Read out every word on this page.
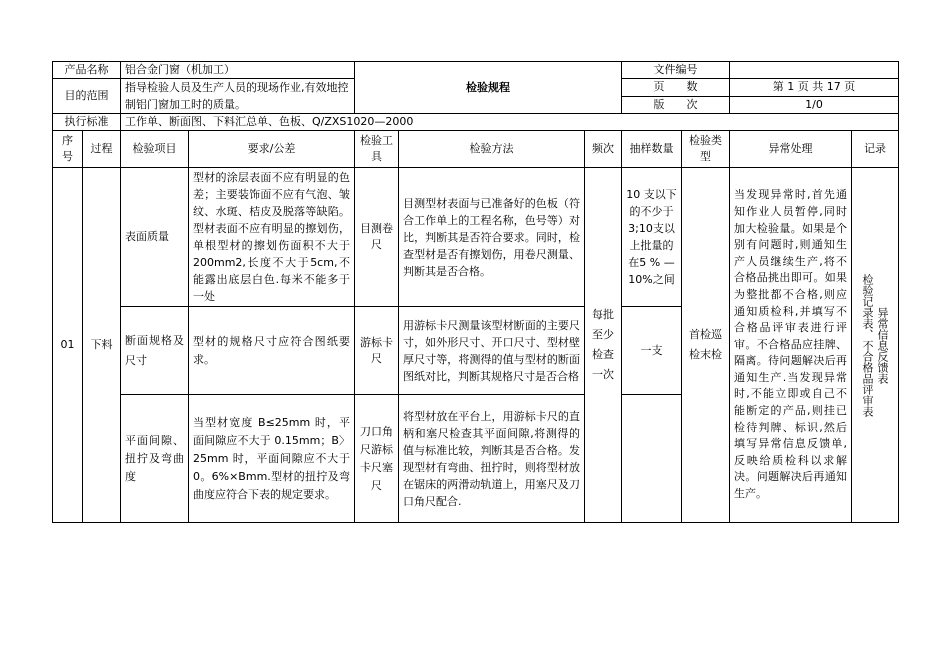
产品名称		铝合金门窗（机加工）		检验规程			文件编号			
目的范围		指导检验人员及生产人员的现场作业,有效地控制铝门窗加工时的质量。					页　　数		第 1 页 共 17 页	
							版　　次		1/0	
执行标准		工作单、断面图、下料汇总单、色板、Q/ZXS1020—2000								
序号	过程	检验项目	要求/公差	检验工具	检验方法	频次	抽样数量	检验类型	异常处理	记录
01	下料	表面质量	型材的涂层表面不应有明显的色差；主要装饰面不应有气泡、皱纹、水斑、桔皮及脱落等缺陷。型材表面不应有明显的擦划伤，单根型材的擦划伤面积不大于200mm2,长度不大于5cm,不能露出底层白色.每米不能多于一处	目测卷尺	目测型材表面与已准备好的色板（符合工作单上的工程名称，色号等）对比，判断其是否符合要求。同时，检查型材是否有擦划伤，用卷尺测量、判断其是否合格。	每批至少检查一次	10 支以下的不少于 3;10支以上批量的在5 % —10%之间	首检巡检末检	当发现异常时,首先通知作业人员暂停,同时加大检验量。如果是个别有问题时,则通知生产人员继续生产,将不合格品挑出即可。如果为整批都不合格,则应通知质检科,并填写不合格品评审表进行评审。不合格品应挂牌、隔离。待问题解决后再通知生产.当发现异常时,不能立即或自己不能断定的产品,则挂已检待判牌、标识,然后填写异常信息反馈单,反映给质检科以求解决。问题解决后再通知生产。	检验记录表、不合格品评审表 异常信息反馈表

		断面规格及尺寸	型材的规格尺寸应符合图纸要求。	游标卡尺	用游标卡尺测量该型材断面的主要尺寸，如外形尺寸、开口尺寸、型材壁厚尺寸等，将测得的值与型材的断面图纸对比，判断其规格尺寸是否合格		一支			
		平面间隙、扭拧及弯曲度	当型材宽度 B≤25mm 时，平面间隙应不大于 0.15mm；B〉25mm 时，平面间隙应不大于0。6%×Bmm.型材的扭拧及弯曲度应符合下表的规定要求。	刀口角尺游标卡尺塞尺	将型材放在平台上，用游标卡尺的直柄和塞尺检查其平面间隙,将测得的值与标准比较，判断其是否合格。发现型材有弯曲、扭拧时，则将型材放在锯床的两滑动轨道上，用塞尺及刀口角尺配合.					
